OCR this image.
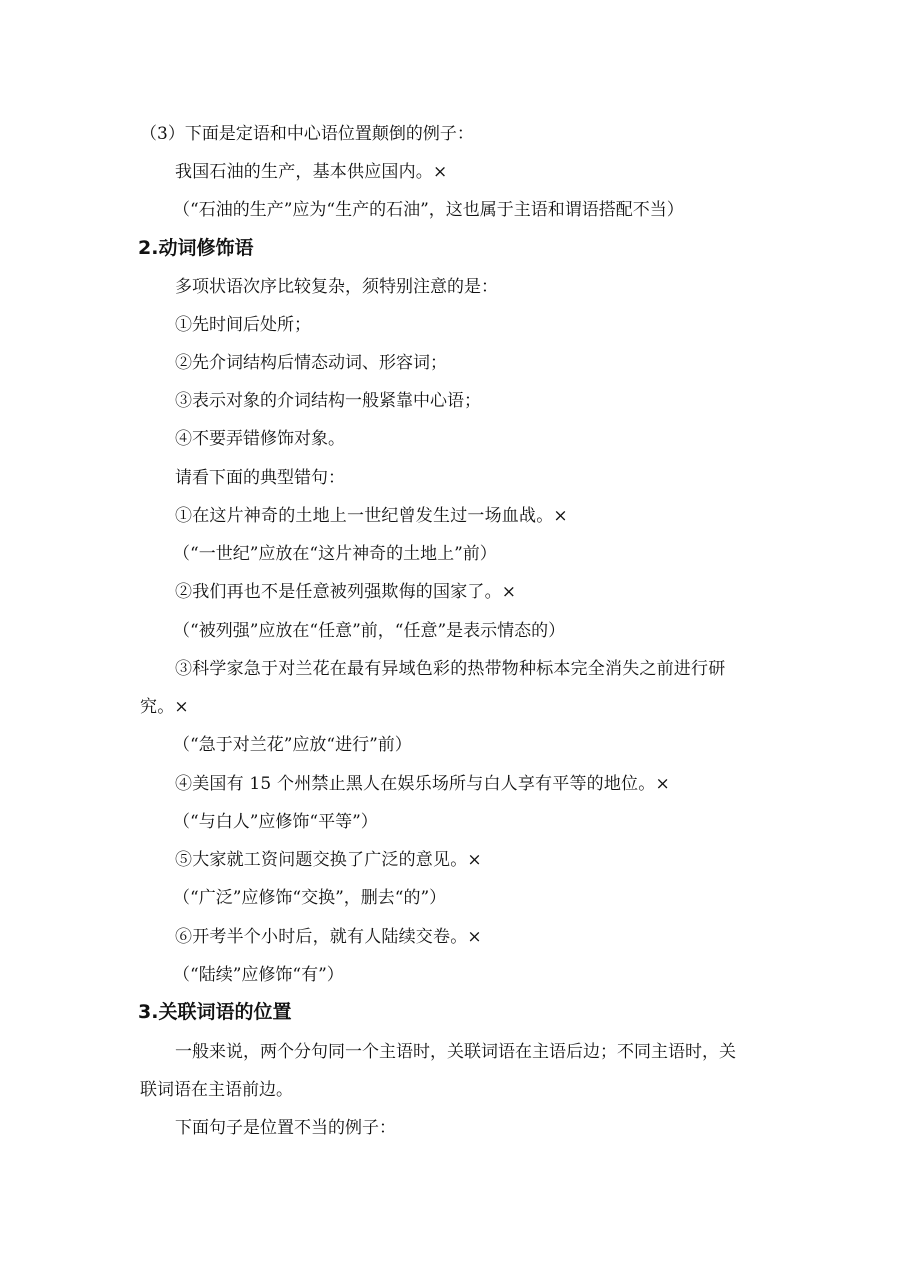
（3）下面是定语和中心语位置颠倒的例子：
我国石油的生产，基本供应国内。×
（“石油的生产”应为“生产的石油”，这也属于主语和谓语搭配不当）
2.动词修饰语
多项状语次序比较复杂，须特别注意的是：
①先时间后处所；
②先介词结构后情态动词、形容词；
③表示对象的介词结构一般紧靠中心语；
④不要弄错修饰对象。
请看下面的典型错句：
①在这片神奇的土地上一世纪曾发生过一场血战。×
（“一世纪”应放在“这片神奇的土地上”前）
②我们再也不是任意被列强欺侮的国家了。×
（“被列强”应放在“任意”前，“任意”是表示情态的）
③科学家急于对兰花在最有异域色彩的热带物种标本完全消失之前进行研
究。×
（“急于对兰花”应放“进行”前）
④美国有 15 个州禁止黑人在娱乐场所与白人享有平等的地位。×
（“与白人”应修饰“平等”）
⑤大家就工资问题交换了广泛的意见。×
（“广泛”应修饰“交换”，删去“的”）
⑥开考半个小时后，就有人陆续交卷。×
（“陆续”应修饰“有”）
3.关联词语的位置
一般来说，两个分句同一个主语时，关联词语在主语后边；不同主语时，关
联词语在主语前边。
下面句子是位置不当的例子：
